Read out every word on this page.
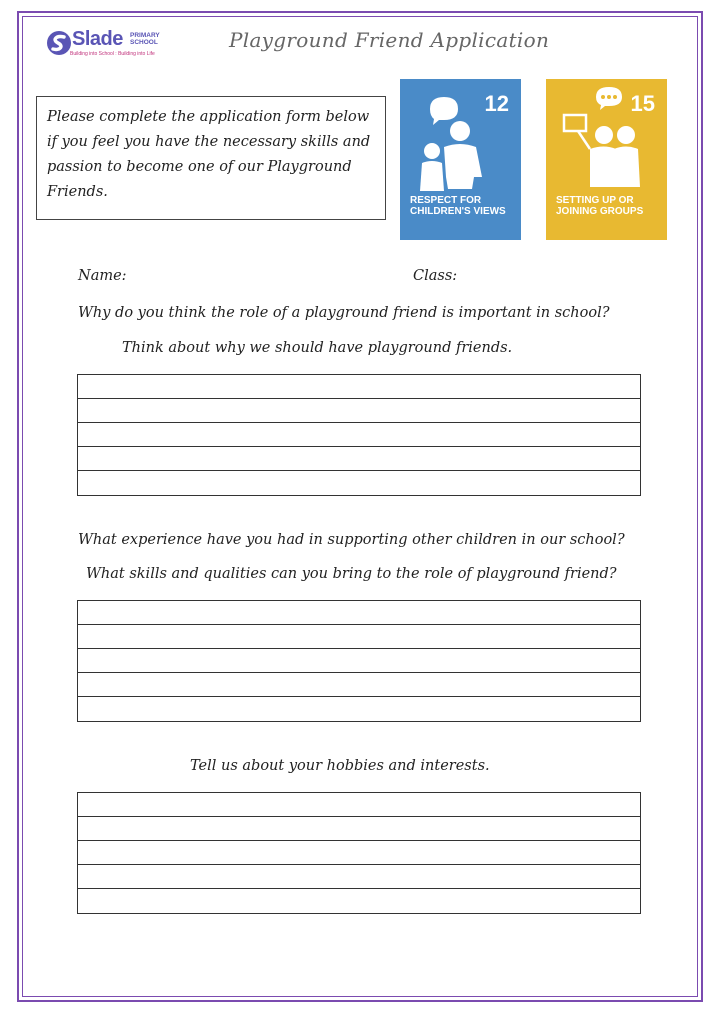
Slade PRIMARY SCHOOL
Building into School : Building into Life
Playground Friend Application
Please complete the application form below
if you feel you have the necessary skills and
passion to become one of our Playground
Friends.
12
RESPECT FOR
CHILDREN'S VIEWS
15
SETTING UP OR
JOINING GROUPS
Name:	Class:
Why do you think the role of a playground friend is important in school?
Think about why we should have playground friends.
What experience have you had in supporting other children in our school?
What skills and qualities can you bring to the role of playground friend?
Tell us about your hobbies and interests.
